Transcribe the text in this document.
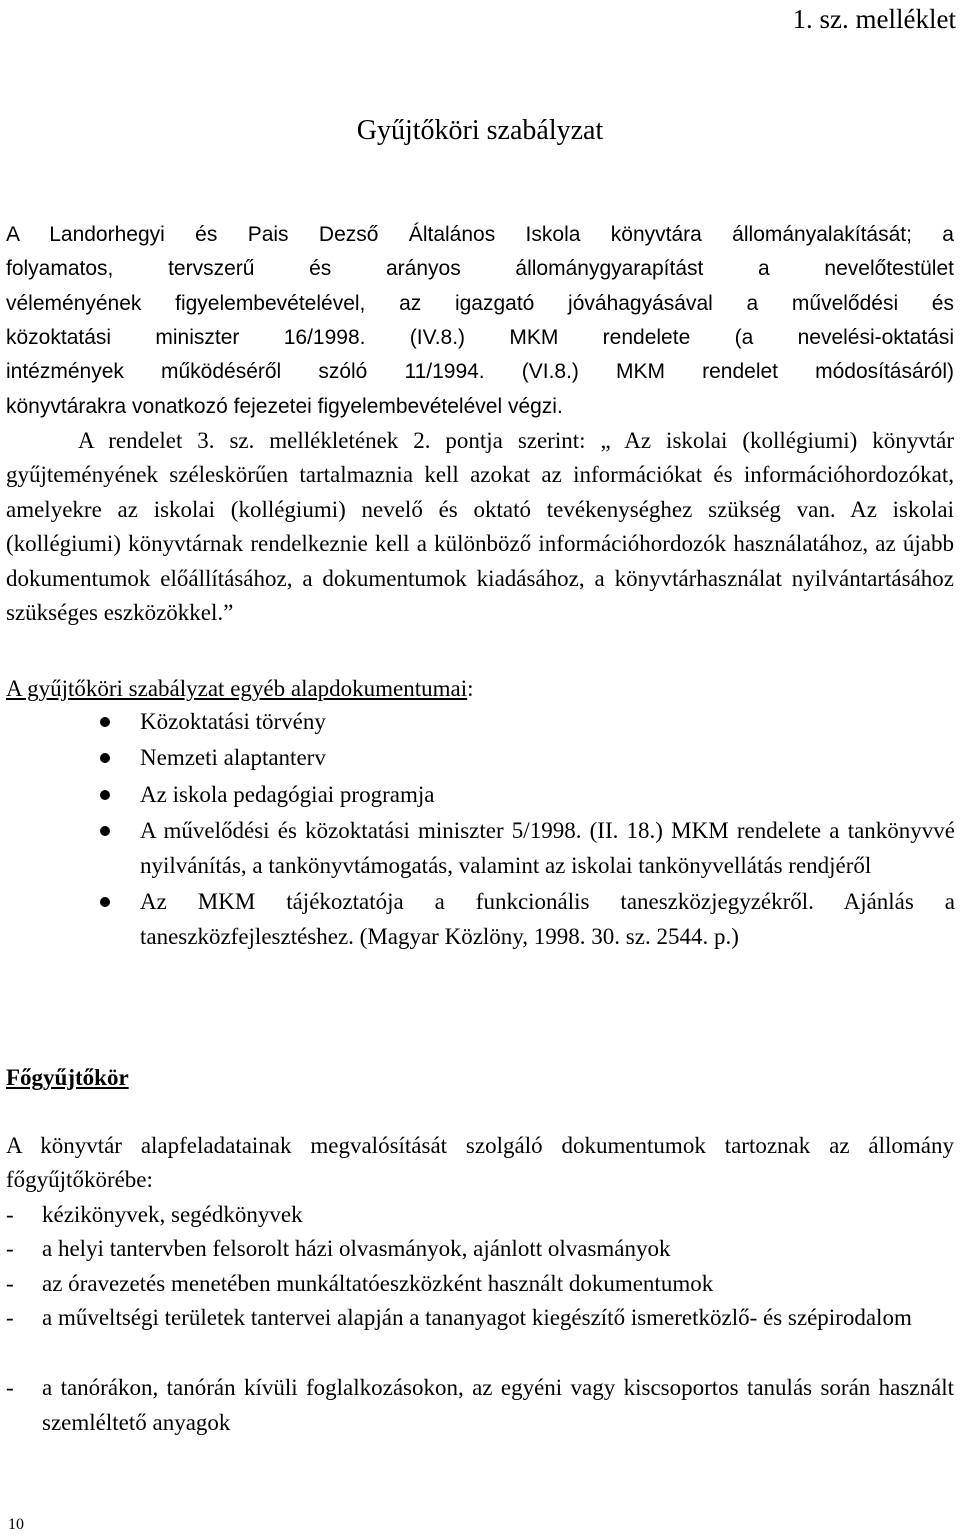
1. sz. melléklet
Gyűjtőköri szabályzat
A Landorhegyi és Pais Dezső Általános Iskola könyvtára állományalakítását; a
folyamatos, tervszerű és arányos állománygyarapítást a nevelőtestület
véleményének figyelembevételével, az igazgató jóváhagyásával a művelődési és
közoktatási miniszter 16/1998. (IV.8.) MKM rendelete (a nevelési-oktatási
intézmények működéséről szóló 11/1994. (VI.8.) MKM rendelet módosításáról)
könyvtárakra vonatkozó fejezetei figyelembevételével végzi.
A rendelet 3. sz. mellékletének 2. pontja szerint: „ Az iskolai (kollégiumi) könyvtár gyűjteményének széleskörűen tartalmaznia kell azokat az információkat és információhordozókat, amelyekre az iskolai (kollégiumi) nevelő és oktató tevékenységhez szükség van. Az iskolai (kollégiumi) könyvtárnak rendelkeznie kell a különböző információhordozók használatához, az újabb dokumentumok előállításához, a dokumentumok kiadásához, a könyvtárhasználat nyilvántartásához szükséges eszközökkel.”
A gyűjtőköri szabályzat egyéb alapdokumentumai:
Közoktatási törvény
Nemzeti alaptanterv
Az iskola pedagógiai programja
A művelődési és közoktatási miniszter 5/1998. (II. 18.) MKM rendelete a tankönyvvé nyilvánítás, a tankönyvtámogatás, valamint az iskolai tankönyvellátás rendjéről
Az MKM tájékoztatója a funkcionális taneszközjegyzékről. Ajánlás a taneszközfejlesztéshez. (Magyar Közlöny, 1998. 30. sz. 2544. p.)
Főgyűjtőkör
A könyvtár alapfeladatainak megvalósítását szolgáló dokumentumok tartoznak az állomány főgyűjtőkörébe:
- kézikönyvek, segédkönyvek
- a helyi tantervben felsorolt házi olvasmányok, ajánlott olvasmányok
- az óravezetés menetében munkáltatóeszközként használt dokumentumok
- a műveltségi területek tantervei alapján a tananyagot kiegészítő ismeretközlő- és szépirodalom
- a tanórákon, tanórán kívüli foglalkozásokon, az egyéni vagy kiscsoportos tanulás során használt szemléltető anyagok
10
